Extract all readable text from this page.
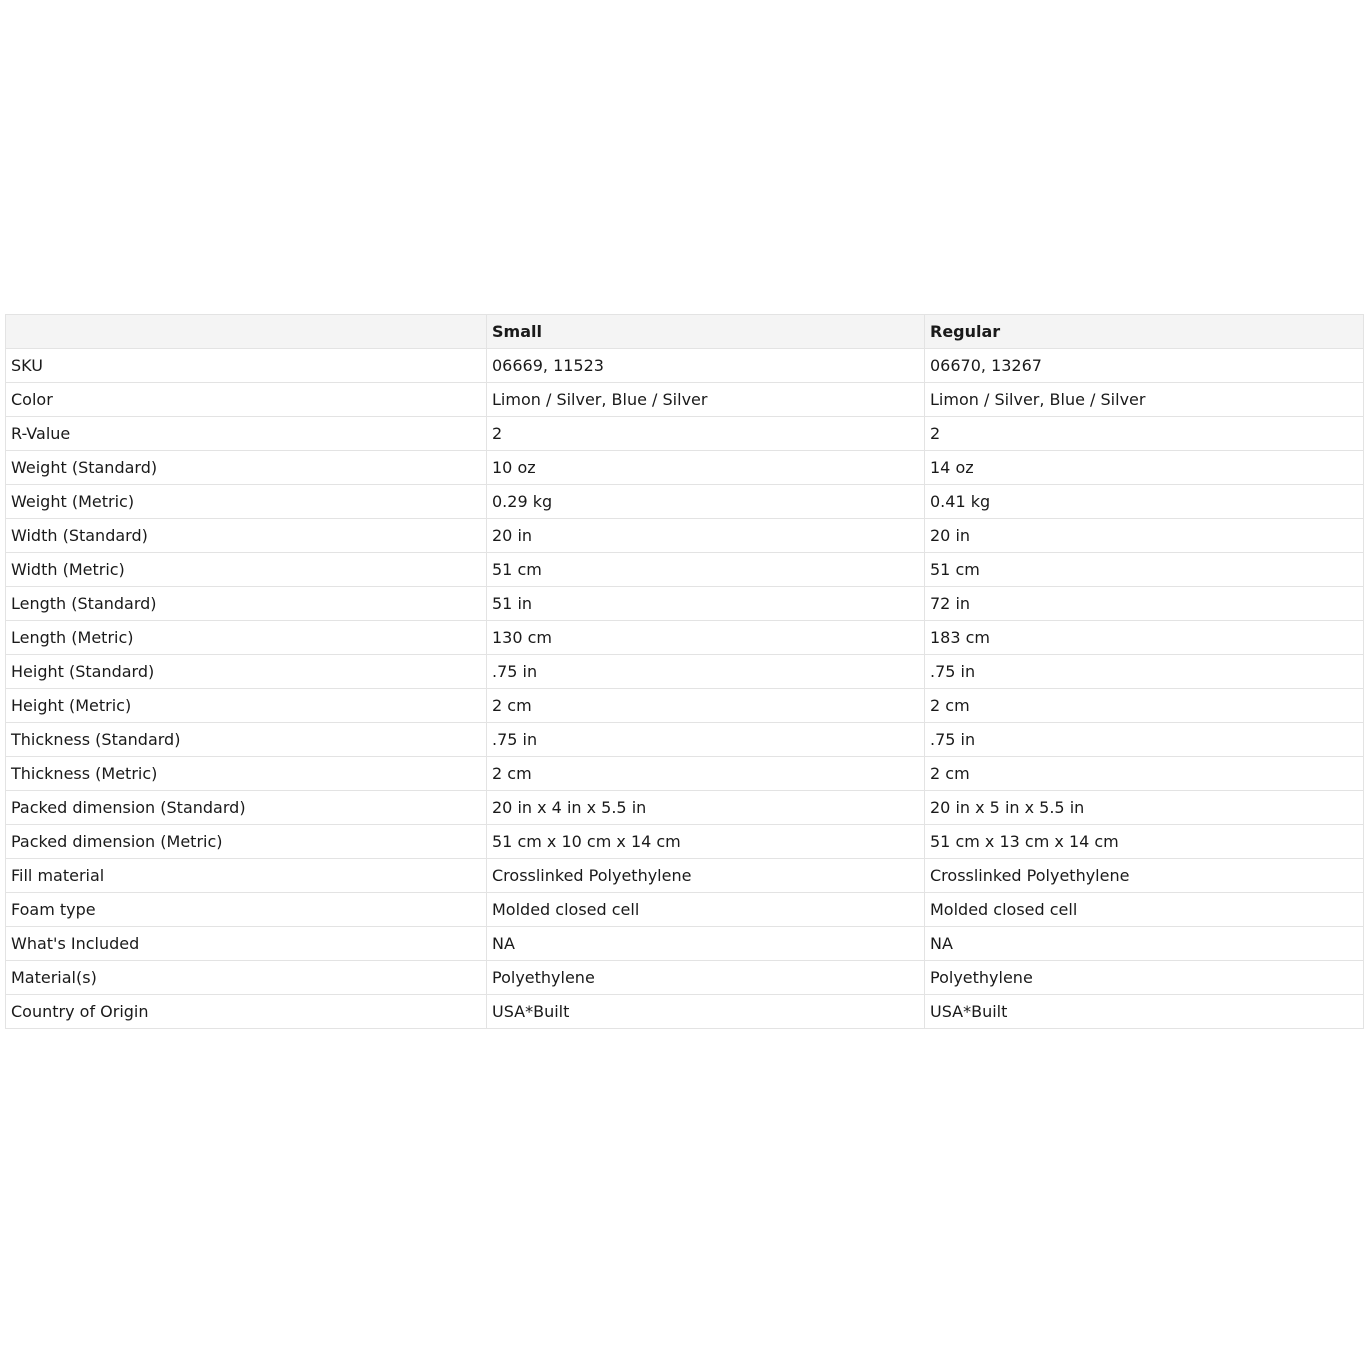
	Small	Regular
SKU	06669, 11523	06670, 13267
Color	Limon / Silver, Blue / Silver	Limon / Silver, Blue / Silver
R-Value	2	2
Weight (Standard)	10 oz	14 oz
Weight (Metric)	0.29 kg	0.41 kg
Width (Standard)	20 in	20 in
Width (Metric)	51 cm	51 cm
Length (Standard)	51 in	72 in
Length (Metric)	130 cm	183 cm
Height (Standard)	.75 in	.75 in
Height (Metric)	2 cm	2 cm
Thickness (Standard)	.75 in	.75 in
Thickness (Metric)	2 cm	2 cm
Packed dimension (Standard)	20 in x 4 in x 5.5 in	20 in x 5 in x 5.5 in
Packed dimension (Metric)	51 cm x 10 cm x 14 cm	51 cm x 13 cm x 14 cm
Fill material	Crosslinked Polyethylene	Crosslinked Polyethylene
Foam type	Molded closed cell	Molded closed cell
What's Included	NA	NA
Material(s)	Polyethylene	Polyethylene
Country of Origin	USA*Built	USA*Built
